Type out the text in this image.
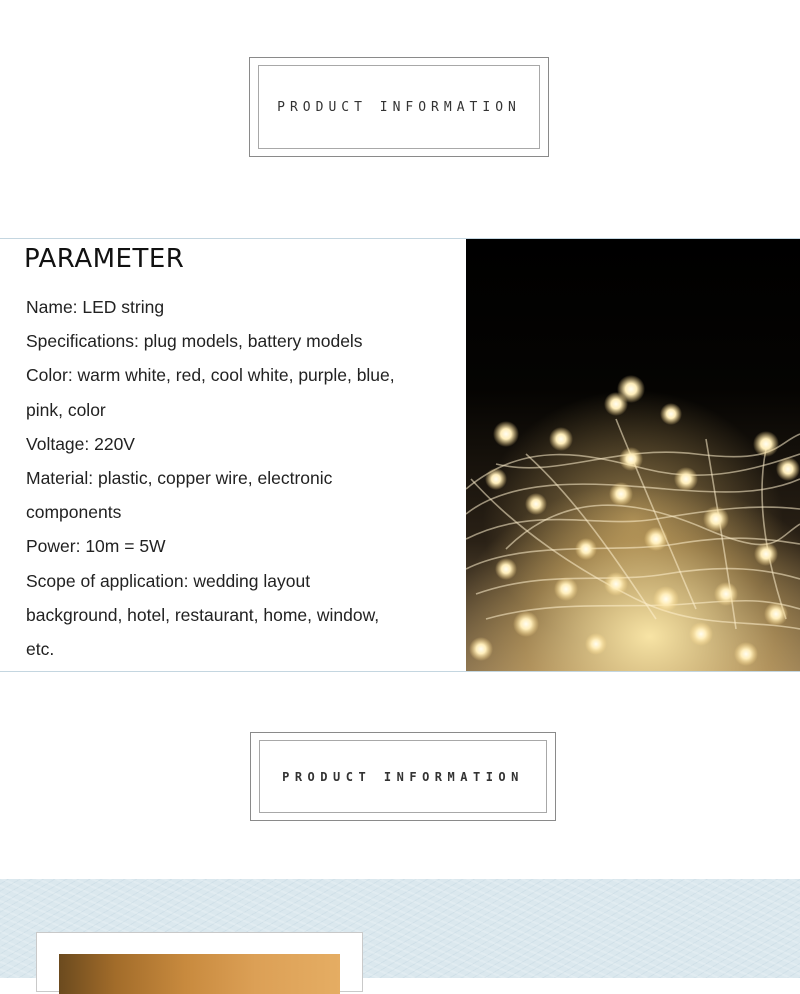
PRODUCT INFORMATION
PARAMETER
Name: LED string
Specifications: plug models, battery models
Color: warm white, red, cool white, purple, blue,
pink, color
Voltage: 220V
Material: plastic, copper wire, electronic
components
Power: 10m = 5W
Scope of application: wedding layout
background, hotel, restaurant, home, window,
etc.
PRODUCT INFORMATION
